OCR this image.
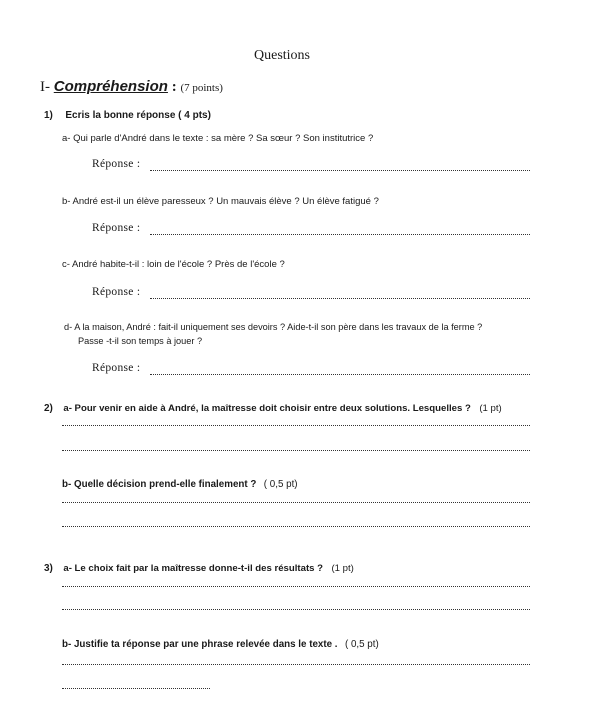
Questions
I- Compréhension : (7 points)
1) Ecris la bonne réponse ( 4 pts)
a- Qui parle d'André dans le texte : sa mère ? Sa sœur ? Son institutrice ?
Réponse :
b- André est-il un élève paresseux ? Un mauvais élève ? Un élève fatigué ?
Réponse :
c- André habite-t-il : loin de l'école ? Près de l'école ?
Réponse :
d- A la maison, André : fait-il uniquement ses devoirs ? Aide-t-il son père dans les travaux de la ferme ?
Passe -t-il son temps à jouer ?
Réponse :
2) a- Pour venir en aide à André, la maîtresse doit choisir entre deux solutions. Lesquelles ? (1 pt)
b- Quelle décision prend-elle finalement ? ( 0,5 pt)
3) a- Le choix fait par la maîtresse donne-t-il des résultats ? (1 pt)
b- Justifie ta réponse par une phrase relevée dans le texte . ( 0,5 pt)
